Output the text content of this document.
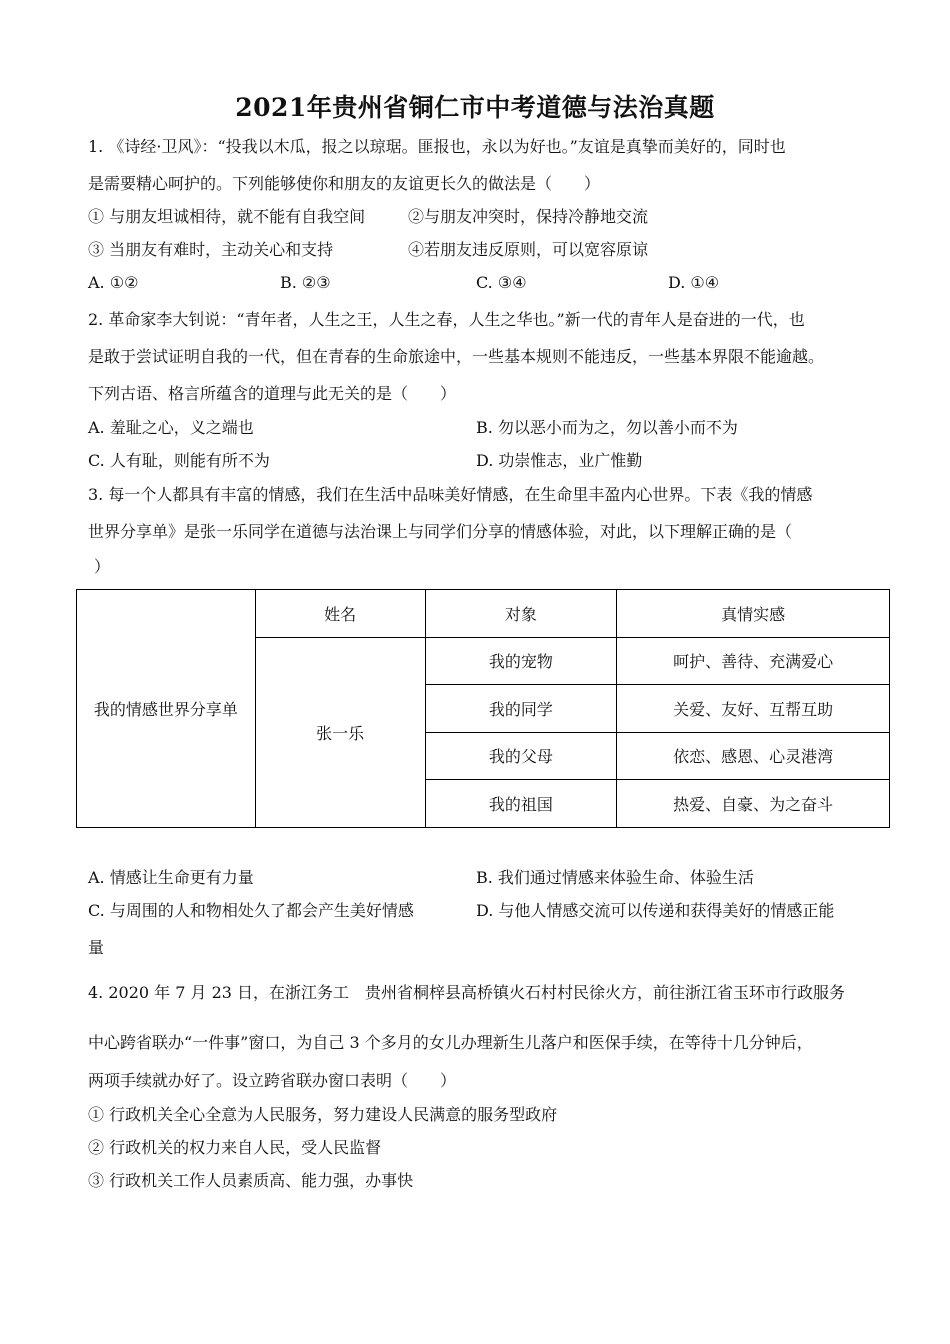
2021年贵州省铜仁市中考道德与法治真题
1. 《诗经·卫风》：“投我以木瓜，报之以琼琚。匪报也，永以为好也。”友谊是真挚而美好的，同时也
是需要精心呵护的。下列能够使你和朋友的友谊更长久的做法是（　　）
① 与朋友坦诚相待，就不能有自我空间	②与朋友冲突时，保持冷静地交流
③ 当朋友有难时，主动关心和支持	④若朋友违反原则，可以宽容原谅
A. ①②	B. ②③	C. ③④	D. ①④
2. 革命家李大钊说：“青年者，人生之王，人生之春，人生之华也。”新一代的青年人是奋进的一代，也
是敢于尝试证明自我的一代，但在青春的生命旅途中，一些基本规则不能违反，一些基本界限不能逾越。
下列古语、格言所蕴含的道理与此无关的是（　　）
A. 羞耻之心，义之端也	B. 勿以恶小而为之，勿以善小而不为
C. 人有耻，则能有所不为	D. 功崇惟志，业广惟勤
3. 每一个人都具有丰富的情感，我们在生活中品味美好情感，在生命里丰盈内心世界。下表《我的情感
世界分享单》是张一乐同学在道德与法治课上与同学们分享的情感体验，对此，以下理解正确的是（
）
我的情感世界分享单	姓名	对象	真情实感
	张一乐	我的宠物	呵护、善待、充满爱心
		我的同学	关爱、友好、互帮互助
		我的父母	依恋、感恩、心灵港湾
		我的祖国	热爱、自豪、为之奋斗
A. 情感让生命更有力量	B. 我们通过情感来体验生命、体验生活
C. 与周围的人和物相处久了都会产生美好情感	D. 与他人情感交流可以传递和获得美好的情感正能
量
4. 2020 年 7 月 23 日，在浙江务工　贵州省桐梓县高桥镇火石村村民徐火方，前往浙江省玉环市行政服务
中心跨省联办“一件事”窗口，为自己 3 个多月的女儿办理新生儿落户和医保手续，在等待十几分钟后，
两项手续就办好了。设立跨省联办窗口表明（　　）
① 行政机关全心全意为人民服务，努力建设人民满意的服务型政府
② 行政机关的权力来自人民，受人民监督
③ 行政机关工作人员素质高、能力强，办事快
